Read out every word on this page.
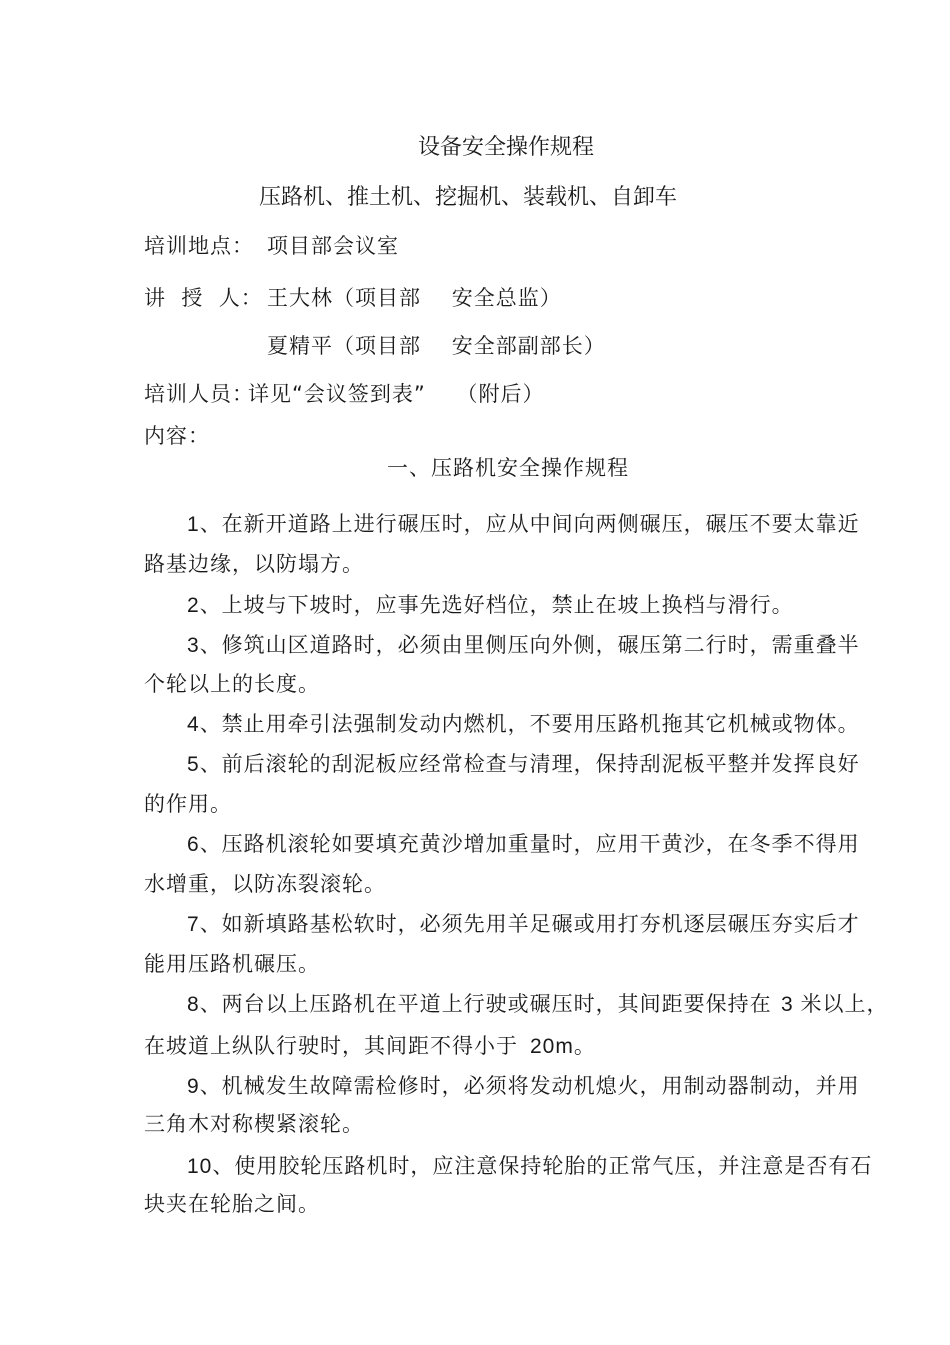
设备安全操作规程
压路机、推土机、挖掘机、装载机、自卸车
培训地点： 项目部会议室
讲  授  人： 王大林（项目部    安全总监）
夏精平（项目部    安全部副部长）
培训人员：
详见“会议签到表”    （附后）
内容：
一、压路机安全操作规程
1、在新开道路上进行碾压时，应从中间向两侧碾压，碾压不要太靠近
路基边缘，以防塌方。
2、上坡与下坡时，应事先选好档位，禁止在坡上换档与滑行。
3、修筑山区道路时，必须由里侧压向外侧，碾压第二行时，需重叠半
个轮以上的长度。
4、禁止用牵引法强制发动内燃机，不要用压路机拖其它机械或物体。
5、前后滚轮的刮泥板应经常检查与清理，保持刮泥板平整并发挥良好
的作用。
6、压路机滚轮如要填充黄沙增加重量时，应用干黄沙，在冬季不得用
水增重，以防冻裂滚轮。
7、如新填路基松软时，必须先用羊足碾或用打夯机逐层碾压夯实后才
能用压路机碾压。
8、两台以上压路机在平道上行驶或碾压时，其间距要保持在 3 米以上，
在坡道上纵队行驶时，其间距不得小于 20m。
9、机械发生故障需检修时，必须将发动机熄火，用制动器制动，并用
三角木对称楔紧滚轮。
10、使用胶轮压路机时，应注意保持轮胎的正常气压，并注意是否有石
块夹在轮胎之间。
